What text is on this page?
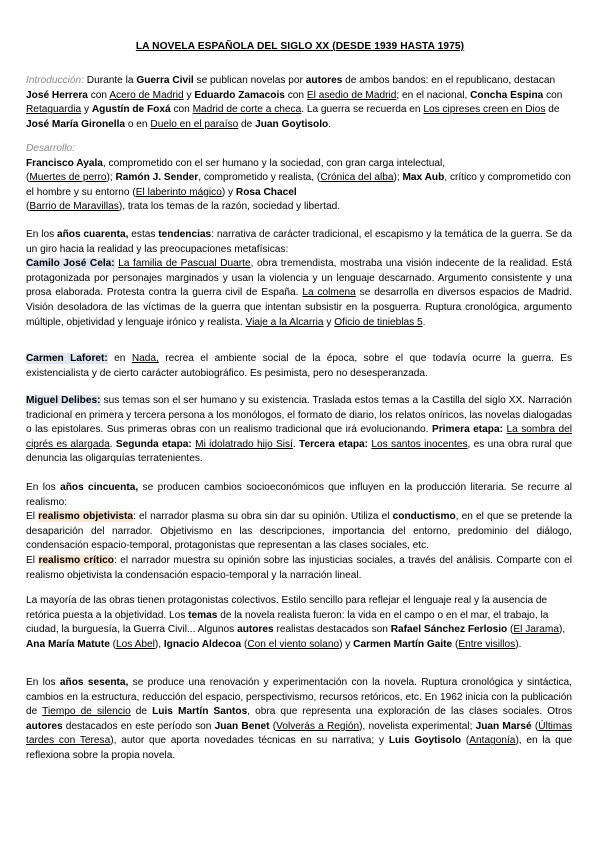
LA NOVELA ESPAÑOLA DEL SIGLO XX (DESDE 1939 HASTA 1975)
Introducción: Durante la Guerra Civil se publican novelas por autores de ambos bandos: en el republicano, destacan José Herrera con Acero de Madrid y Eduardo Zamacois con El asedio de Madrid; en el nacional, Concha Espina con Retaguardia y Agustín de Foxá con Madrid de corte a checa. La guerra se recuerda en Los cipreses creen en Dios de José María Gironella o en Duelo en el paraíso de Juan Goytisolo.
Desarrollo:
Francisco Ayala, comprometido con el ser humano y la sociedad, con gran carga intelectual,
(Muertes de perro); Ramón J. Sender, comprometido y realista, (Crónica del alba); Max Aub, crítico y comprometido con el hombre y su entorno (El laberinto mágico) y Rosa Chacel
(Barrio de Maravillas), trata los temas de la razón, sociedad y libertad.
En los años cuarenta, estas tendencias: narrativa de carácter tradicional, el escapismo y la temática de la guerra. Se da un giro hacia la realidad y las preocupaciones metafísicas:
Camilo José Cela: La familia de Pascual Duarte, obra tremendista, mostraba una visión indecente de la realidad. Está protagonizada por personajes marginados y usan la violencia y un lenguaje descarnado. Argumento consistente y una prosa elaborada. Protesta contra la guerra civil de España. La colmena se desarrolla en diversos espacios de Madrid. Visión desoladora de las víctimas de la guerra que intentan subsistir en la posguerra. Ruptura cronológica, argumento múltiple, objetividad y lenguaje irónico y realista. Viaje a la Alcarria y Oficio de tinieblas 5.
Carmen Laforet: en Nada, recrea el ambiente social de la época, sobre el que todavía ocurre la guerra. Es existencialista y de cierto carácter autobiográfico. Es pesimista, pero no desesperanzada.
Miguel Delibes: sus temas son el ser humano y su existencia. Traslada estos temas a la Castilla del siglo XX. Narración tradicional en primera y tercera persona a los monólogos, el formato de diario, los relatos oníricos, las novelas dialogadas o las epistolares. Sus primeras obras con un realismo tradicional que irá evolucionando. Primera etapa: La sombra del ciprés es alargada. Segunda etapa: Mi idolatrado hijo Sisí. Tercera etapa: Los santos inocentes, es una obra rural que denuncia las oligarquías terratenientes.
En los años cincuenta, se producen cambios socioeconómicos que influyen en la producción literaria. Se recurre al realismo:
El realismo objetivista: el narrador plasma su obra sin dar su opinión. Utiliza el conductismo, en el que se pretende la desaparición del narrador. Objetivismo en las descripciones, importancia del entorno, predominio del diálogo, condensación espacio-temporal, protagonistas que representan a las clases sociales, etc.
El realismo crítico: el narrador muestra su opinión sobre las injusticias sociales, a través del análisis. Comparte con el realismo objetivista la condensación espacio-temporal y la narración lineal.
La mayoría de las obras tienen protagonistas colectivos. Estilo sencillo para reflejar el lenguaje real y la ausencia de retórica puesta a la objetividad. Los temas de la novela realista fueron: la vida en el campo o en el mar, el trabajo, la ciudad, la burguesía, la Guerra Civil... Algunos autores realistas destacados son Rafael Sánchez Ferlosio (El Jarama), Ana María Matute (Los Abel), Ignacio Aldecoa (Con el viento solano) y Carmen Martín Gaite (Entre visillos).
En los años sesenta, se produce una renovación y experimentación con la novela. Ruptura cronológica y sintáctica, cambios en la estructura, reducción del espacio, perspectivismo, recursos retóricos, etc. En 1962 inicia con la publicación de Tiempo de silencio de Luis Martín Santos, obra que representa una exploración de las clases sociales. Otros autores destacados en este período son Juan Benet (Volverás a Región), novelista experimental; Juan Marsé (Últimas tardes con Teresa), autor que aporta novedades técnicas en su narrativa; y Luis Goytisolo (Antagonía), en la que reflexiona sobre la propia novela.
